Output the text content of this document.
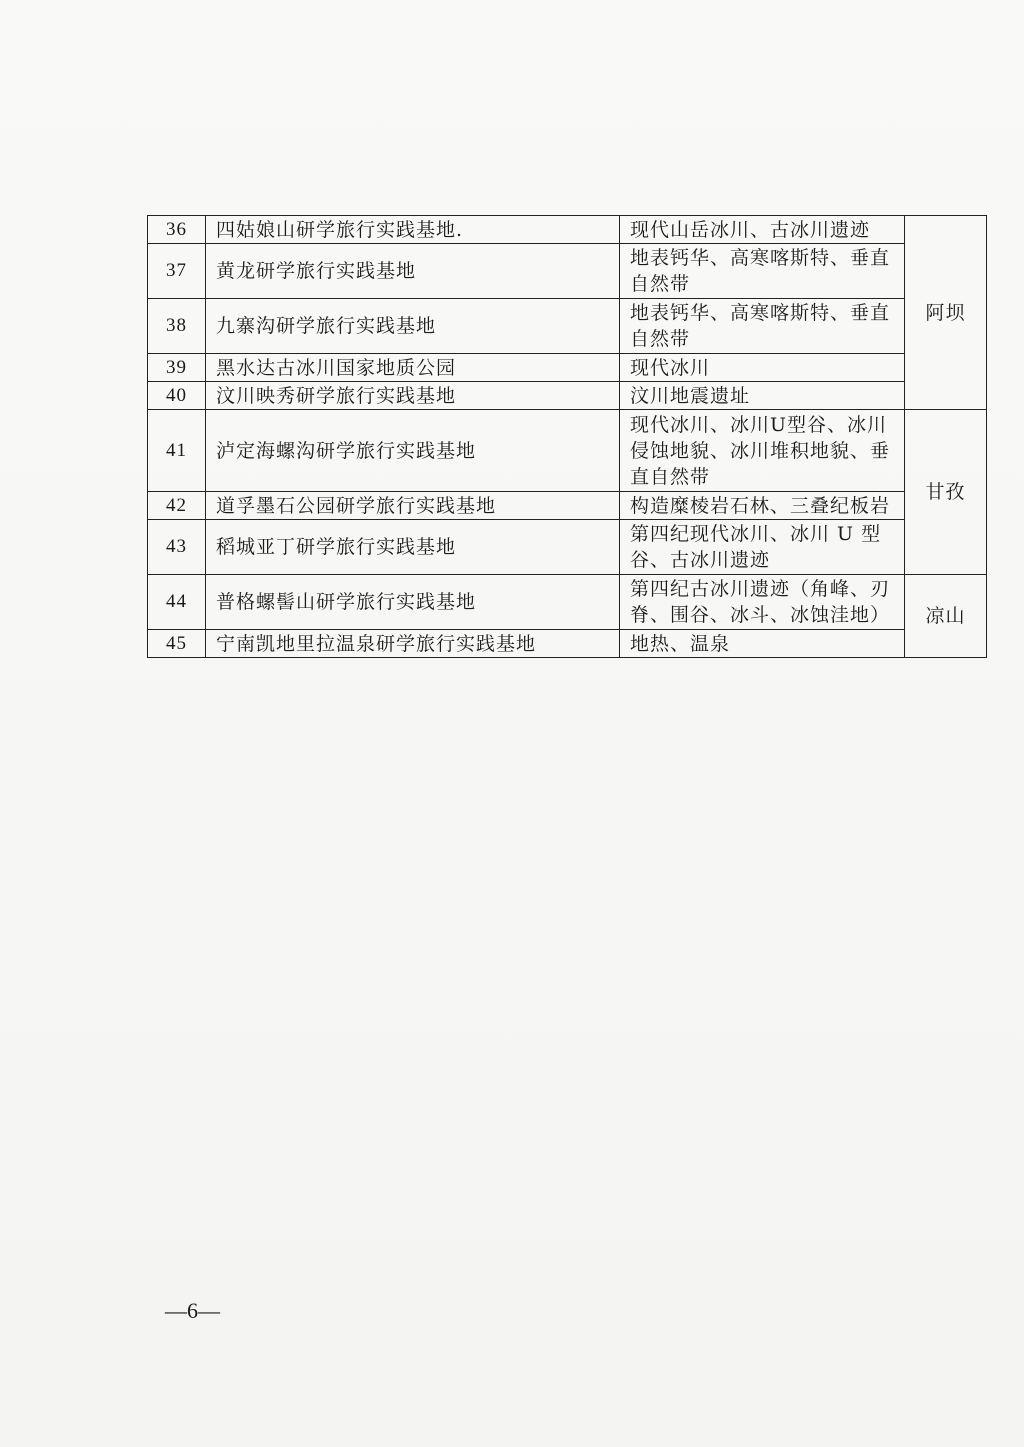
36	四姑娘山研学旅行实践基地.	现代山岳冰川、古冰川遗迹	阿坝
37	黄龙研学旅行实践基地	地表钙华、高寒喀斯特、垂直自然带	
38	九寨沟研学旅行实践基地	地表钙华、高寒喀斯特、垂直自然带	
39	黑水达古冰川国家地质公园	现代冰川	
40	汶川映秀研学旅行实践基地	汶川地震遗址	
41	泸定海螺沟研学旅行实践基地	现代冰川、冰川U型谷、冰川侵蚀地貌、冰川堆积地貌、垂直自然带	甘孜
42	道孚墨石公园研学旅行实践基地	构造糜棱岩石林、三叠纪板岩	
43	稻城亚丁研学旅行实践基地	第四纪现代冰川、冰川 U 型谷、古冰川遗迹	
44	普格螺髻山研学旅行实践基地	第四纪古冰川遗迹（角峰、刃脊、围谷、冰斗、冰蚀洼地）	凉山
45	宁南凯地里拉温泉研学旅行实践基地	地热、温泉	
—6—
